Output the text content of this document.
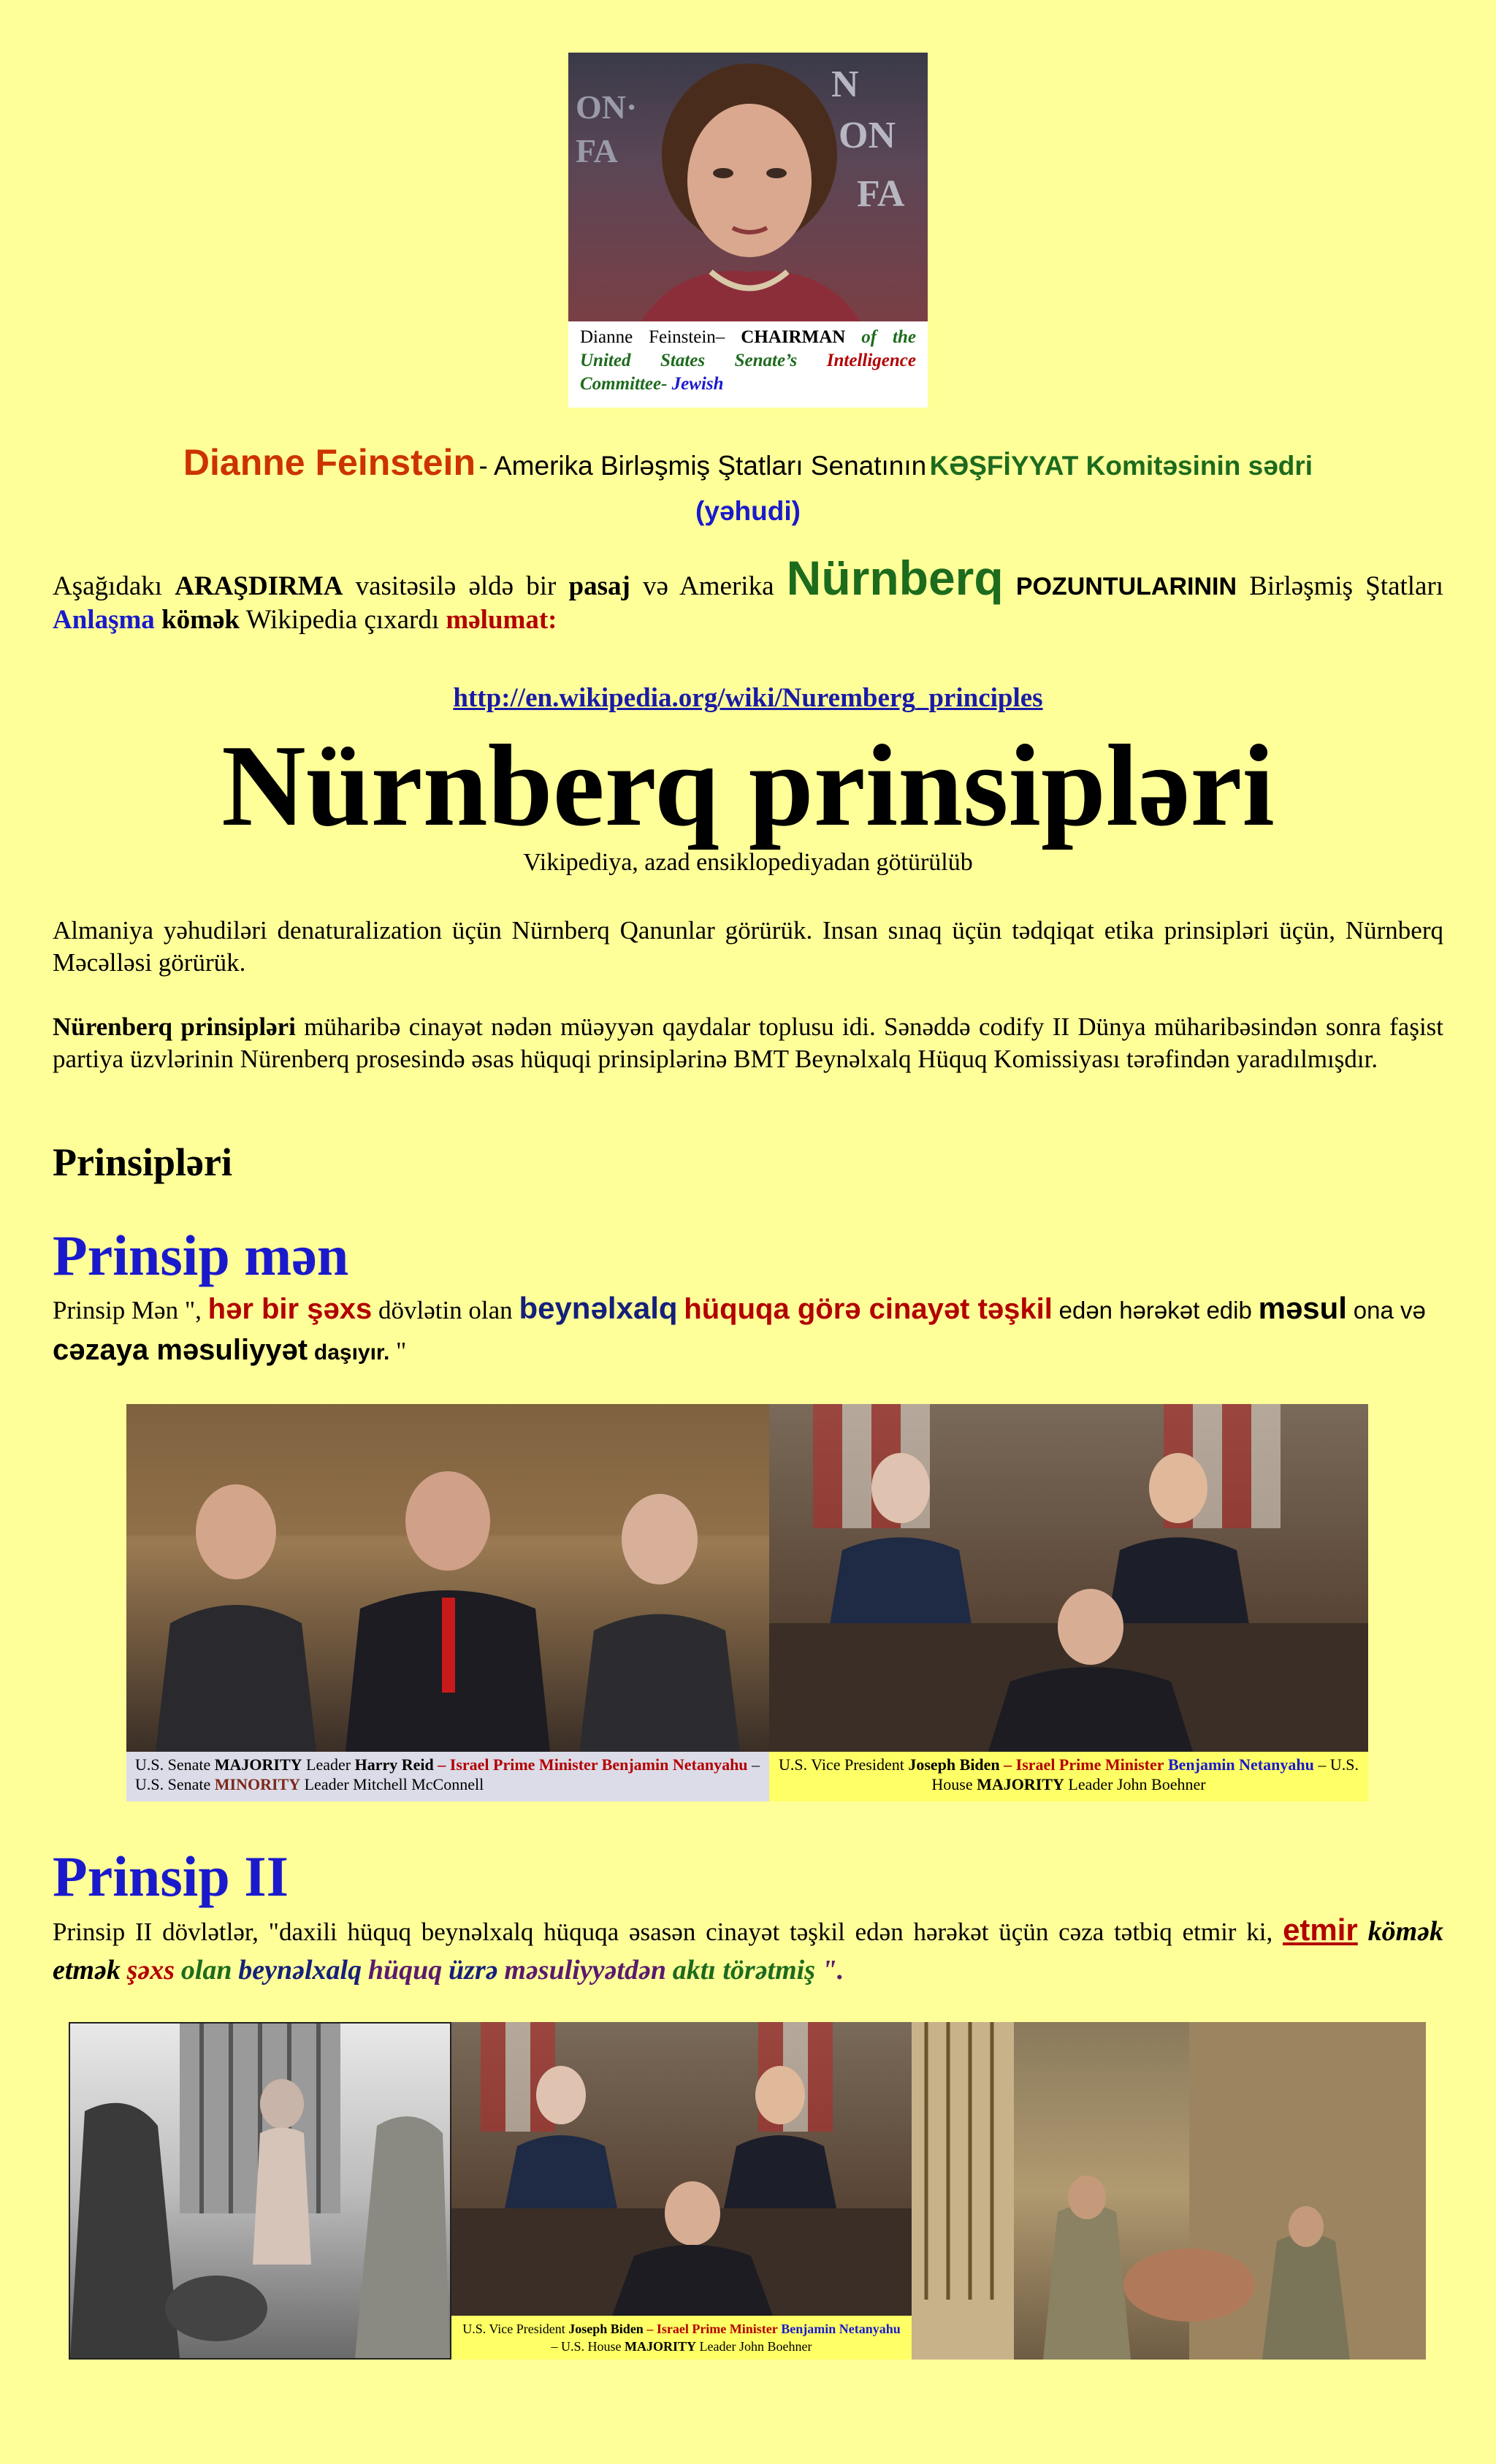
N
ON
FA
ON·
FA
Dianne Feinstein– CHAIRMAN of the United States Senate’s Intelligence Committee- Jewish
Dianne Feinstein - Amerika Birləşmiş Ştatları Senatının KƏŞFİYYAT Komitəsinin sədri
(yəhudi)
Aşağıdakı ARAŞDIRMA vasitəsilə əldə bir pasaj və Amerika Nürnberq POZUNTULARININ Birləşmiş Ştatları Anlaşma kömək Wikipedia çıxardı məlumat:
http://en.wikipedia.org/wiki/Nuremberg_principles
Nürnberq prinsipləri
Vikipediya, azad ensiklopediyadan götürülüb
Almaniya yəhudiləri denaturalization üçün Nürnberq Qanunlar görürük. Insan sınaq üçün tədqiqat etika prinsipləri üçün, Nürnberq Məcəlləsi görürük.
Nürenberq prinsipləri müharibə cinayət nədən müəyyən qaydalar toplusu idi. Sənəddə codify II Dünya müharibəsindən sonra faşist partiya üzvlərinin Nürenberq prosesində əsas hüquqi prinsiplərinə BMT Beynəlxalq Hüquq Komissiyası tərəfindən yaradılmışdır.
Prinsipləri
Prinsip mən
Prinsip Mən ", hər bir şəxs dövlətin olan beynəlxalq hüquqa görə cinayət təşkil edən hərəkət edib məsul ona və cəzaya məsuliyyət daşıyır. "
U.S. Senate MAJORITY Leader Harry Reid – Israel Prime Minister Benjamin Netanyahu – U.S. Senate MINORITY Leader Mitchell McConnell
U.S. Vice President Joseph Biden – Israel Prime Minister Benjamin Netanyahu – U.S. House MAJORITY Leader John Boehner
Prinsip II
Prinsip II dövlətlər, "daxili hüquq beynəlxalq hüquqa əsasən cinayət təşkil edən hərəkət üçün cəza tətbiq etmir ki, etmir kömək etmək şəxs olan beynəlxalq hüquq üzrə məsuliyyətdən aktı törətmiş ".
U.S. Vice President Joseph Biden – Israel Prime Minister Benjamin Netanyahu – U.S. House MAJORITY Leader John Boehner
